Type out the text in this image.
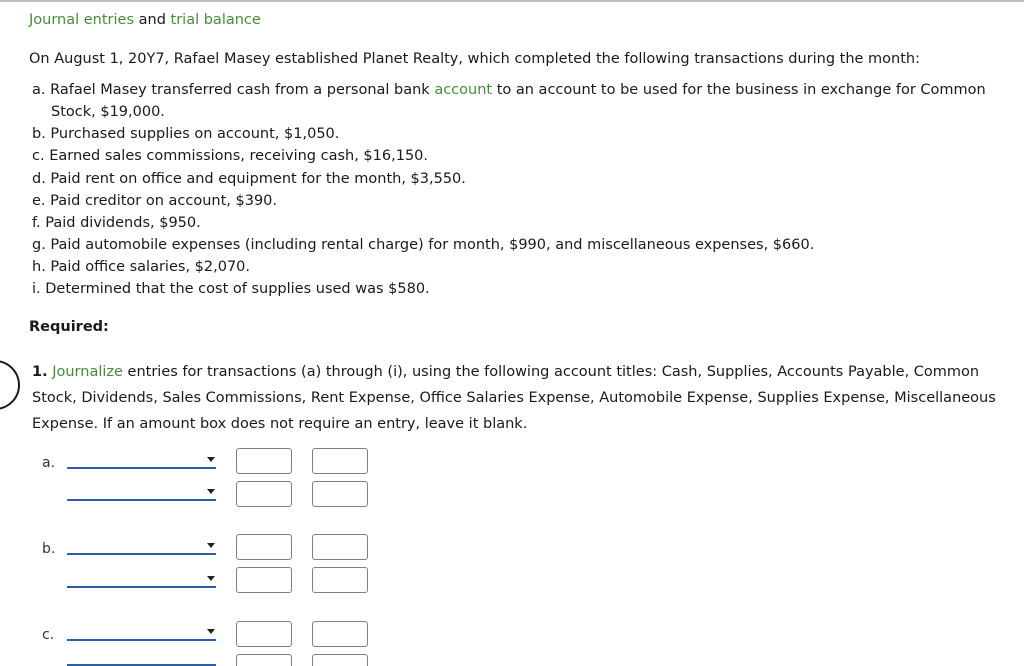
Journal entries and trial balance
On August 1, 20Y7, Rafael Masey established Planet Realty, which completed the following transactions during the month:
a. Rafael Masey transferred cash from a personal bank account to an account to be used for the business in exchange for Common
Stock, $19,000.
b. Purchased supplies on account, $1,050.
c. Earned sales commissions, receiving cash, $16,150.
d. Paid rent on office and equipment for the month, $3,550.
e. Paid creditor on account, $390.
f. Paid dividends, $950.
g. Paid automobile expenses (including rental charge) for month, $990, and miscellaneous expenses, $660.
h. Paid office salaries, $2,070.
i. Determined that the cost of supplies used was $580.
Required:
1. Journalize entries for transactions (a) through (i), using the following account titles: Cash, Supplies, Accounts Payable, Common
Stock, Dividends, Sales Commissions, Rent Expense, Office Salaries Expense, Automobile Expense, Supplies Expense, Miscellaneous
Expense. If an amount box does not require an entry, leave it blank.
a.
b.
c.
